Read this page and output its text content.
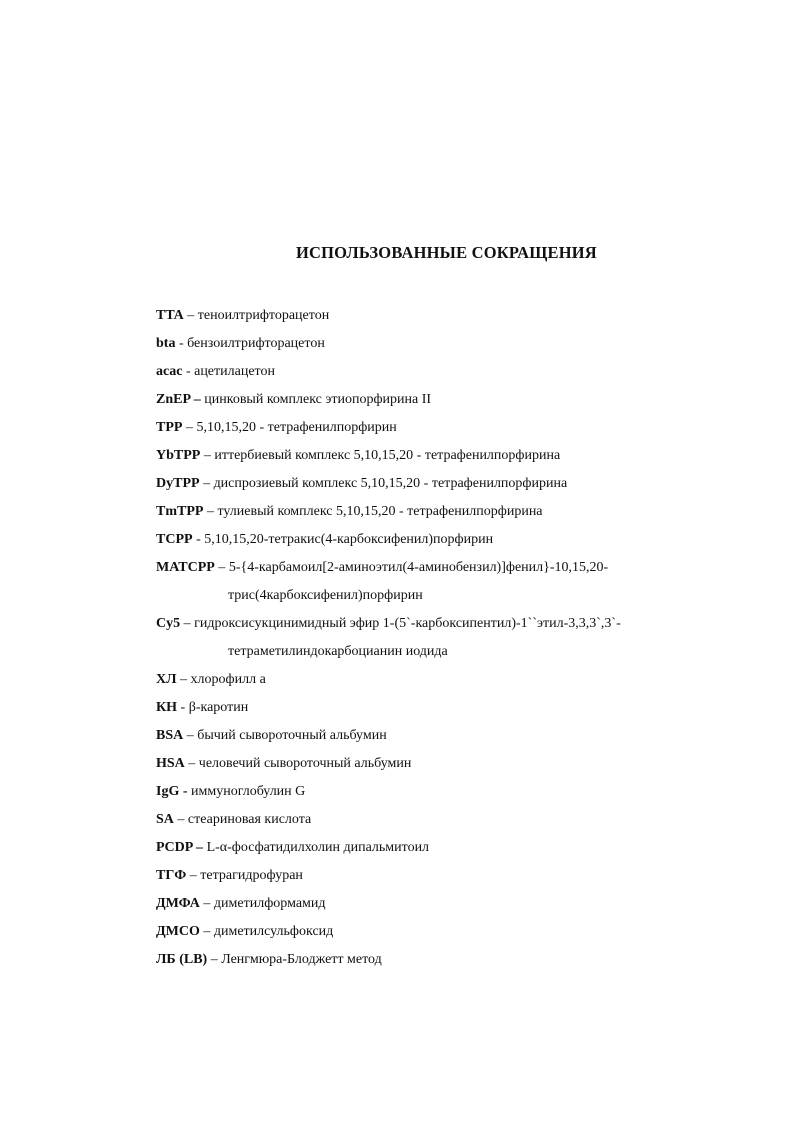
ИСПОЛЬЗОВАННЫЕ СОКРАЩЕНИЯ
TTA – теноилтрифторацетон
bta - бензоилтрифторацетон
acac - ацетилацетон
ZnEP – цинковый комплекс этиопорфирина II
TPP – 5,10,15,20 - тетрафенилпорфирин
YbTPP – иттербиевый комплекс 5,10,15,20 - тетрафенилпорфирина
DyTPP – диспрозиевый комплекс 5,10,15,20 - тетрафенилпорфирина
TmTPP – тулиевый комплекс 5,10,15,20 - тетрафенилпорфирина
TCPP - 5,10,15,20-тетракис(4-карбоксифенил)порфирин
MATCPP – 5-{4-карбамоил[2-аминоэтил(4-аминобензил)]фенил}-10,15,20-
трис(4карбоксифенил)порфирин
Cy5 – гидроксисукцинимидный эфир 1-(5`-карбоксипентил)-1``этил-3,3,3`,3`-
тетраметилиндокарбоцианин иодида
ХЛ – хлорофилл а
КН - β-каротин
BSA – бычий сывороточный альбумин
HSA – человечий сывороточный альбумин
IgG - иммуноглобулин G
SA – стеариновая кислота
PCDP – L-α-фосфатидилхолин дипальмитоил
ТГФ – тетрагидрофуран
ДМФА – диметилформамид
ДМСО – диметилсульфоксид
ЛБ (LB) – Ленгмюра-Блоджетт метод
